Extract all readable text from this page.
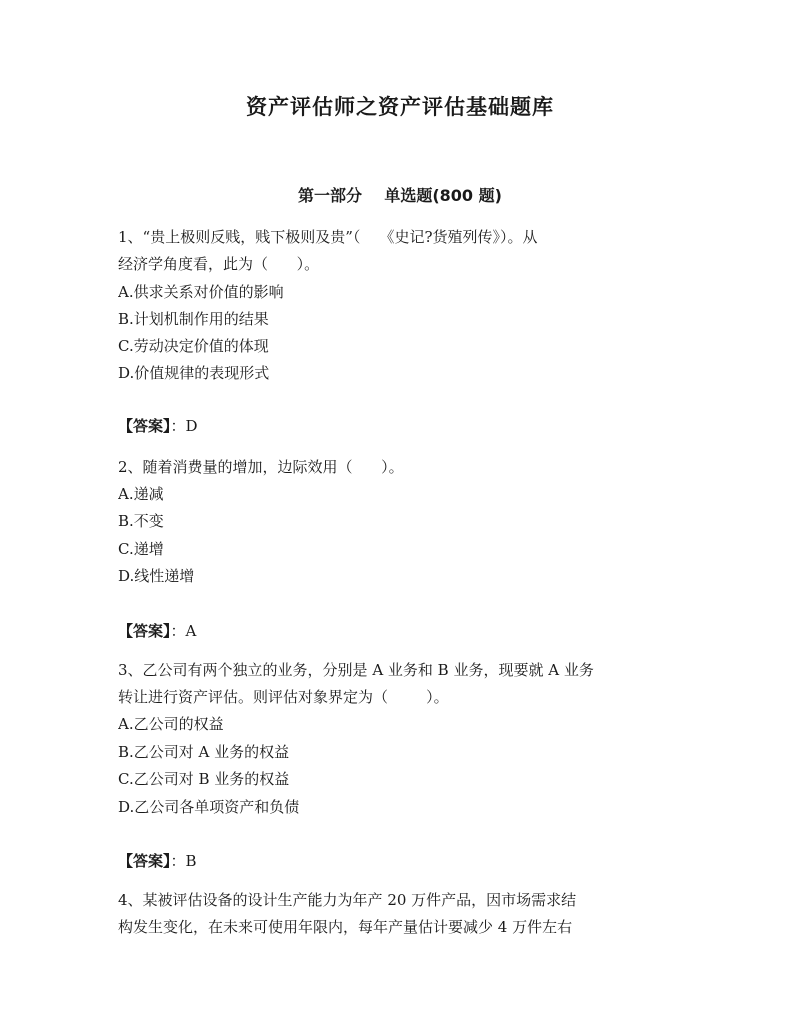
资产评估师之资产评估基础题库
第一部分    单选题(800 题)
1、“贵上极则反贱，贱下极则及贵”（    《史记?货殖列传》）。从
经济学角度看，此为（      ）。
A.供求关系对价值的影响
B.计划机制作用的结果
C.劳动决定价值的体现
D.价值规律的表现形式
【答案】：D
2、随着消费量的增加，边际效用（      ）。
A.递减
B.不变
C.递增
D.线性递增
【答案】：A
3、乙公司有两个独立的业务，分别是 A 业务和 B 业务，现要就 A 业务
转让进行资产评估。则评估对象界定为（        ）。
A.乙公司的权益
B.乙公司对 A 业务的权益
C.乙公司对 B 业务的权益
D.乙公司各单项资产和负债
【答案】：B
4、某被评估设备的设计生产能力为年产 20 万件产品，因市场需求结
构发生变化，在未来可使用年限内，每年产量估计要减少 4 万件左右
